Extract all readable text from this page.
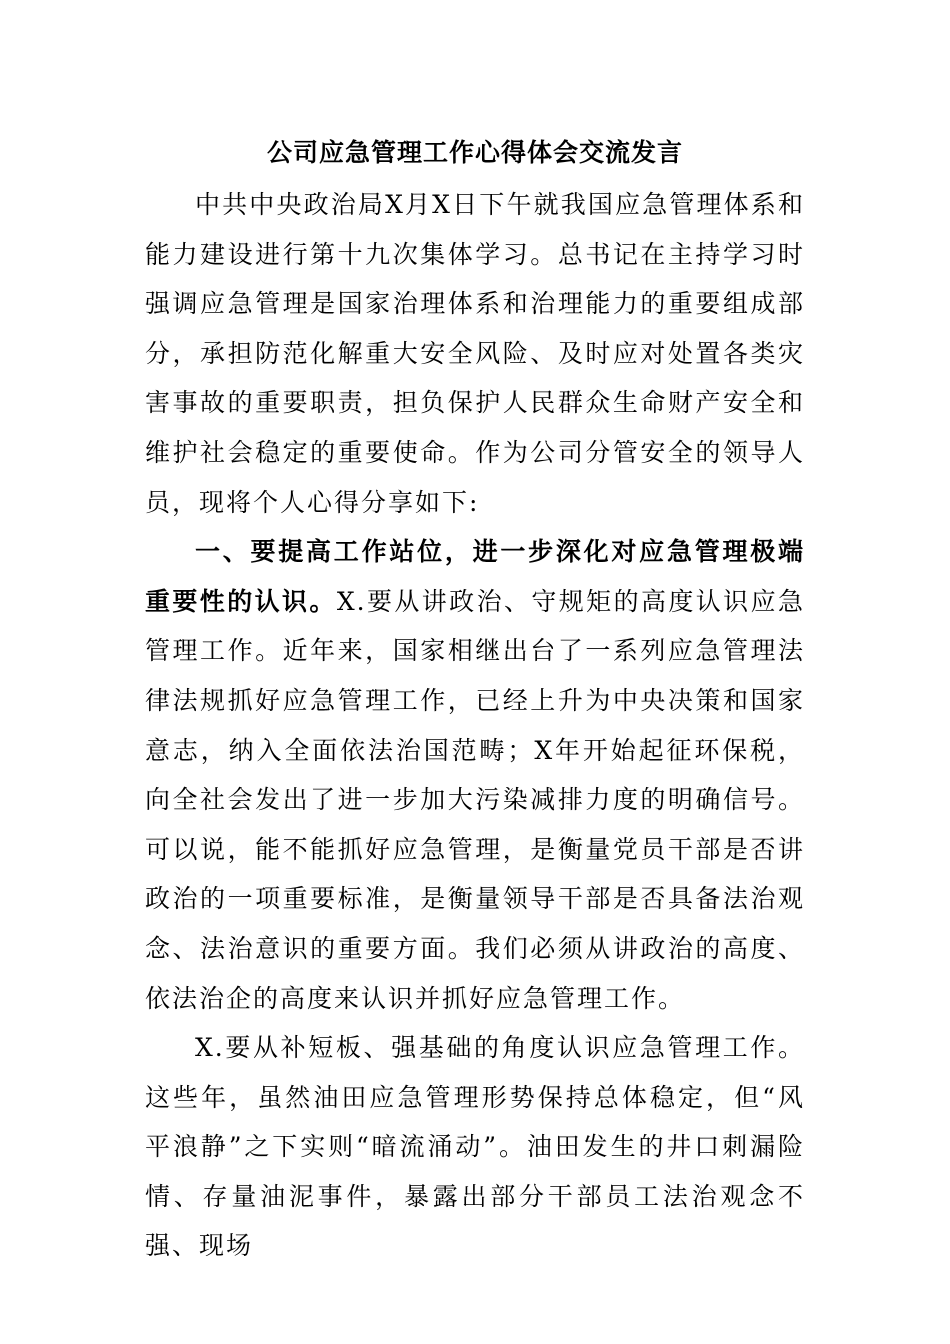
公司应急管理工作心得体会交流发言

中共中央政治局X月X日下午就我国应急管理体系和能力建设进行第十九次集体学习。总书记在主持学习时强调应急管理是国家治理体系和治理能力的重要组成部分，承担防范化解重大安全风险、及时应对处置各类灾害事故的重要职责，担负保护人民群众生命财产安全和维护社会稳定的重要使命。作为公司分管安全的领导人员，现将个人心得分享如下:

一、要提高工作站位，进一步深化对应急管理极端重要性的认识。X.要从讲政治、守规矩的高度认识应急管理工作。近年来，国家相继出台了一系列应急管理法律法规抓好应急管理工作，已经上升为中央决策和国家意志，纳入全面依法治国范畴；X年开始起征环保税，向全社会发出了进一步加大污染减排力度的明确信号。可以说，能不能抓好应急管理，是衡量党员干部是否讲政治的一项重要标准，是衡量领导干部是否具备法治观念、法治意识的重要方面。我们必须从讲政治的高度、依法治企的高度来认识并抓好应急管理工作。

X.要从补短板、强基础的角度认识应急管理工作。这些年，虽然油田应急管理形势保持总体稳定，但“风平浪静”之下实则“暗流涌动”。油田发生的井口刺漏险情、存量油泥事件，暴露出部分干部员工法治观念不强、现场
